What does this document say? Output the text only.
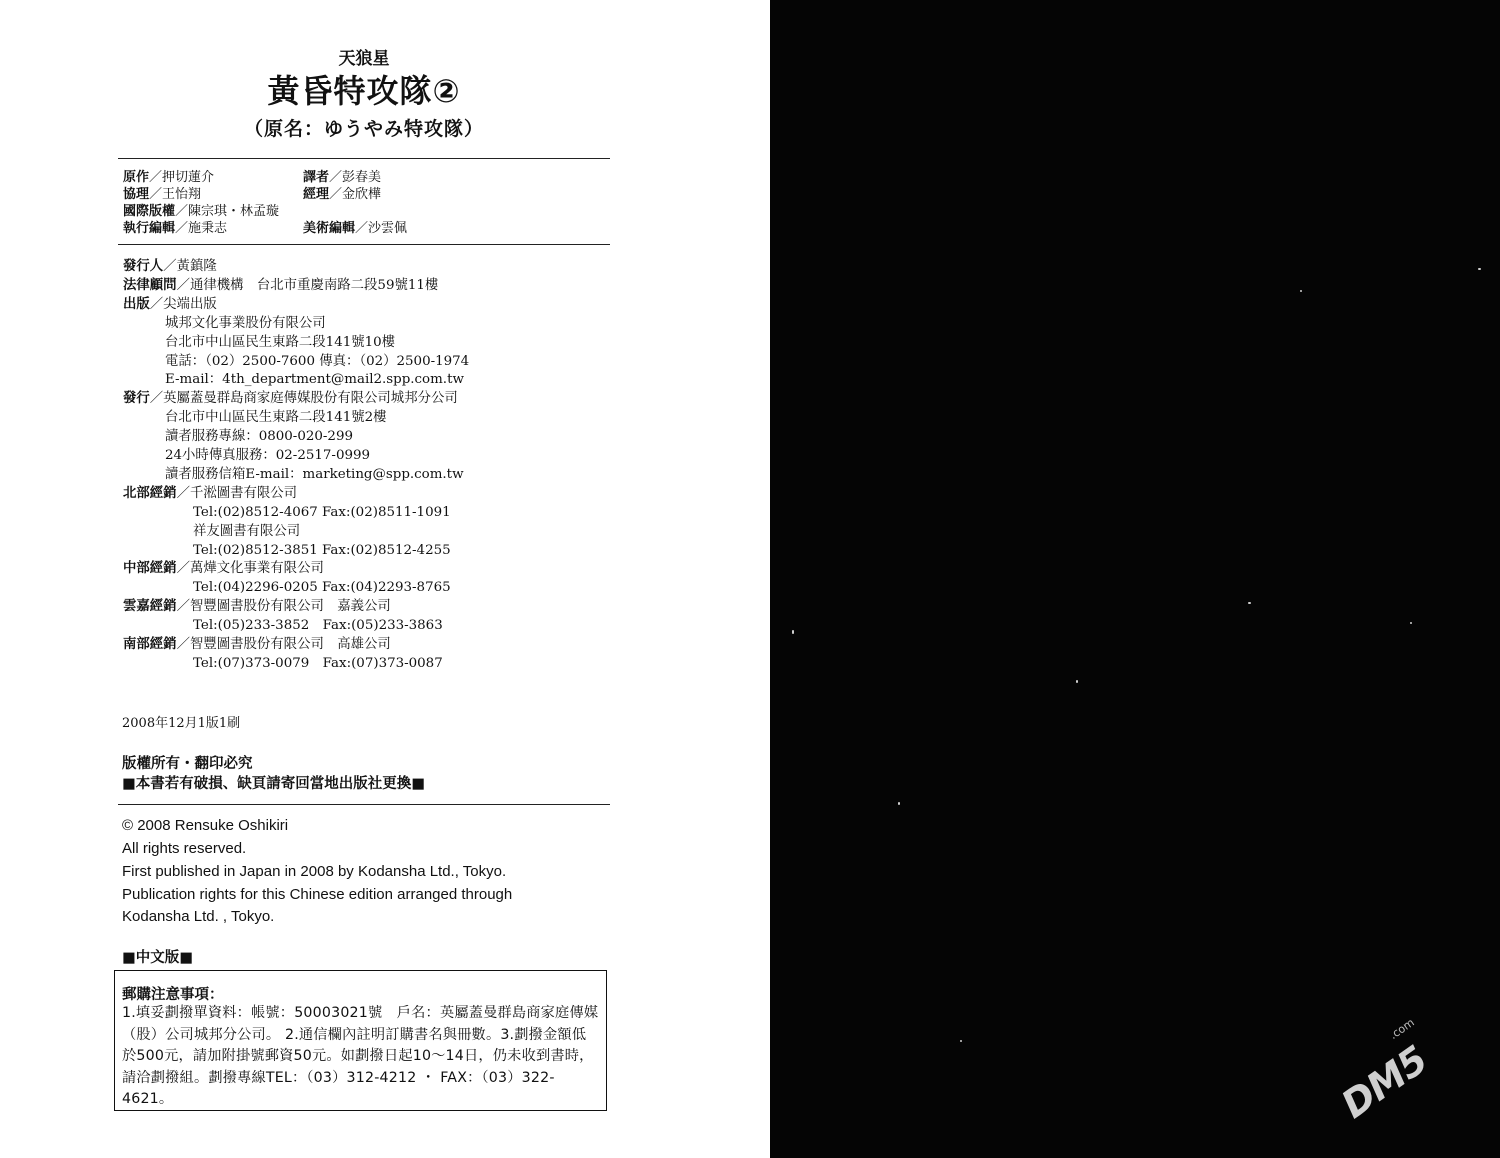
天狼星
黃昏特攻隊②
（原名：ゆうやみ特攻隊）
原作／押切蓮介
協理／王怡翔
國際版權／陳宗琪・林孟璇
執行編輯／施秉志
譯者／彭春美
經理／金欣樺
美術編輯／沙雲佩
發行人／黃鎮隆
法律顧問／通律機構　台北市重慶南路二段59號11樓
出版／尖端出版
城邦文化事業股份有限公司
台北市中山區民生東路二段141號10樓
電話：（02）2500-7600 傳真：（02）2500-1974
E-mail：4th_department@mail2.spp.com.tw
發行／英屬蓋曼群島商家庭傳媒股份有限公司城邦分公司
台北市中山區民生東路二段141號2樓
讀者服務專線：0800-020-299
24小時傳真服務：02-2517-0999
讀者服務信箱E-mail：marketing@spp.com.tw
北部經銷／千淞圖書有限公司
Tel:(02)8512-4067 Fax:(02)8511-1091
祥友圖書有限公司
Tel:(02)8512-3851 Fax:(02)8512-4255
中部經銷／萬燁文化事業有限公司
Tel:(04)2296-0205 Fax:(04)2293-8765
雲嘉經銷／智豐圖書股份有限公司　嘉義公司
Tel:(05)233-3852　Fax:(05)233-3863
南部經銷／智豐圖書股份有限公司　高雄公司
Tel:(07)373-0079　Fax:(07)373-0087
2008年12月1版1刷
版權所有・翻印必究
■本書若有破損、缺頁請寄回當地出版社更換■
© 2008 Rensuke Oshikiri
All rights reserved.
First published in Japan in 2008 by Kodansha Ltd., Tokyo.
Publication rights for this Chinese edition arranged through
Kodansha Ltd. , Tokyo.
■中文版■
郵購注意事項：
1.填妥劃撥單資料：帳號：50003021號　戶名：英屬蓋曼群島商家庭傳媒（股）公司城邦分公司。 2.通信欄內註明訂購書名與冊數。3.劃撥金額低於500元，請加附掛號郵資50元。如劃撥日起10～14日，仍未收到書時，請洽劃撥組。劃撥專線TEL：（03）312-4212 ・ FAX：（03）322-4621。	DM5
.com
